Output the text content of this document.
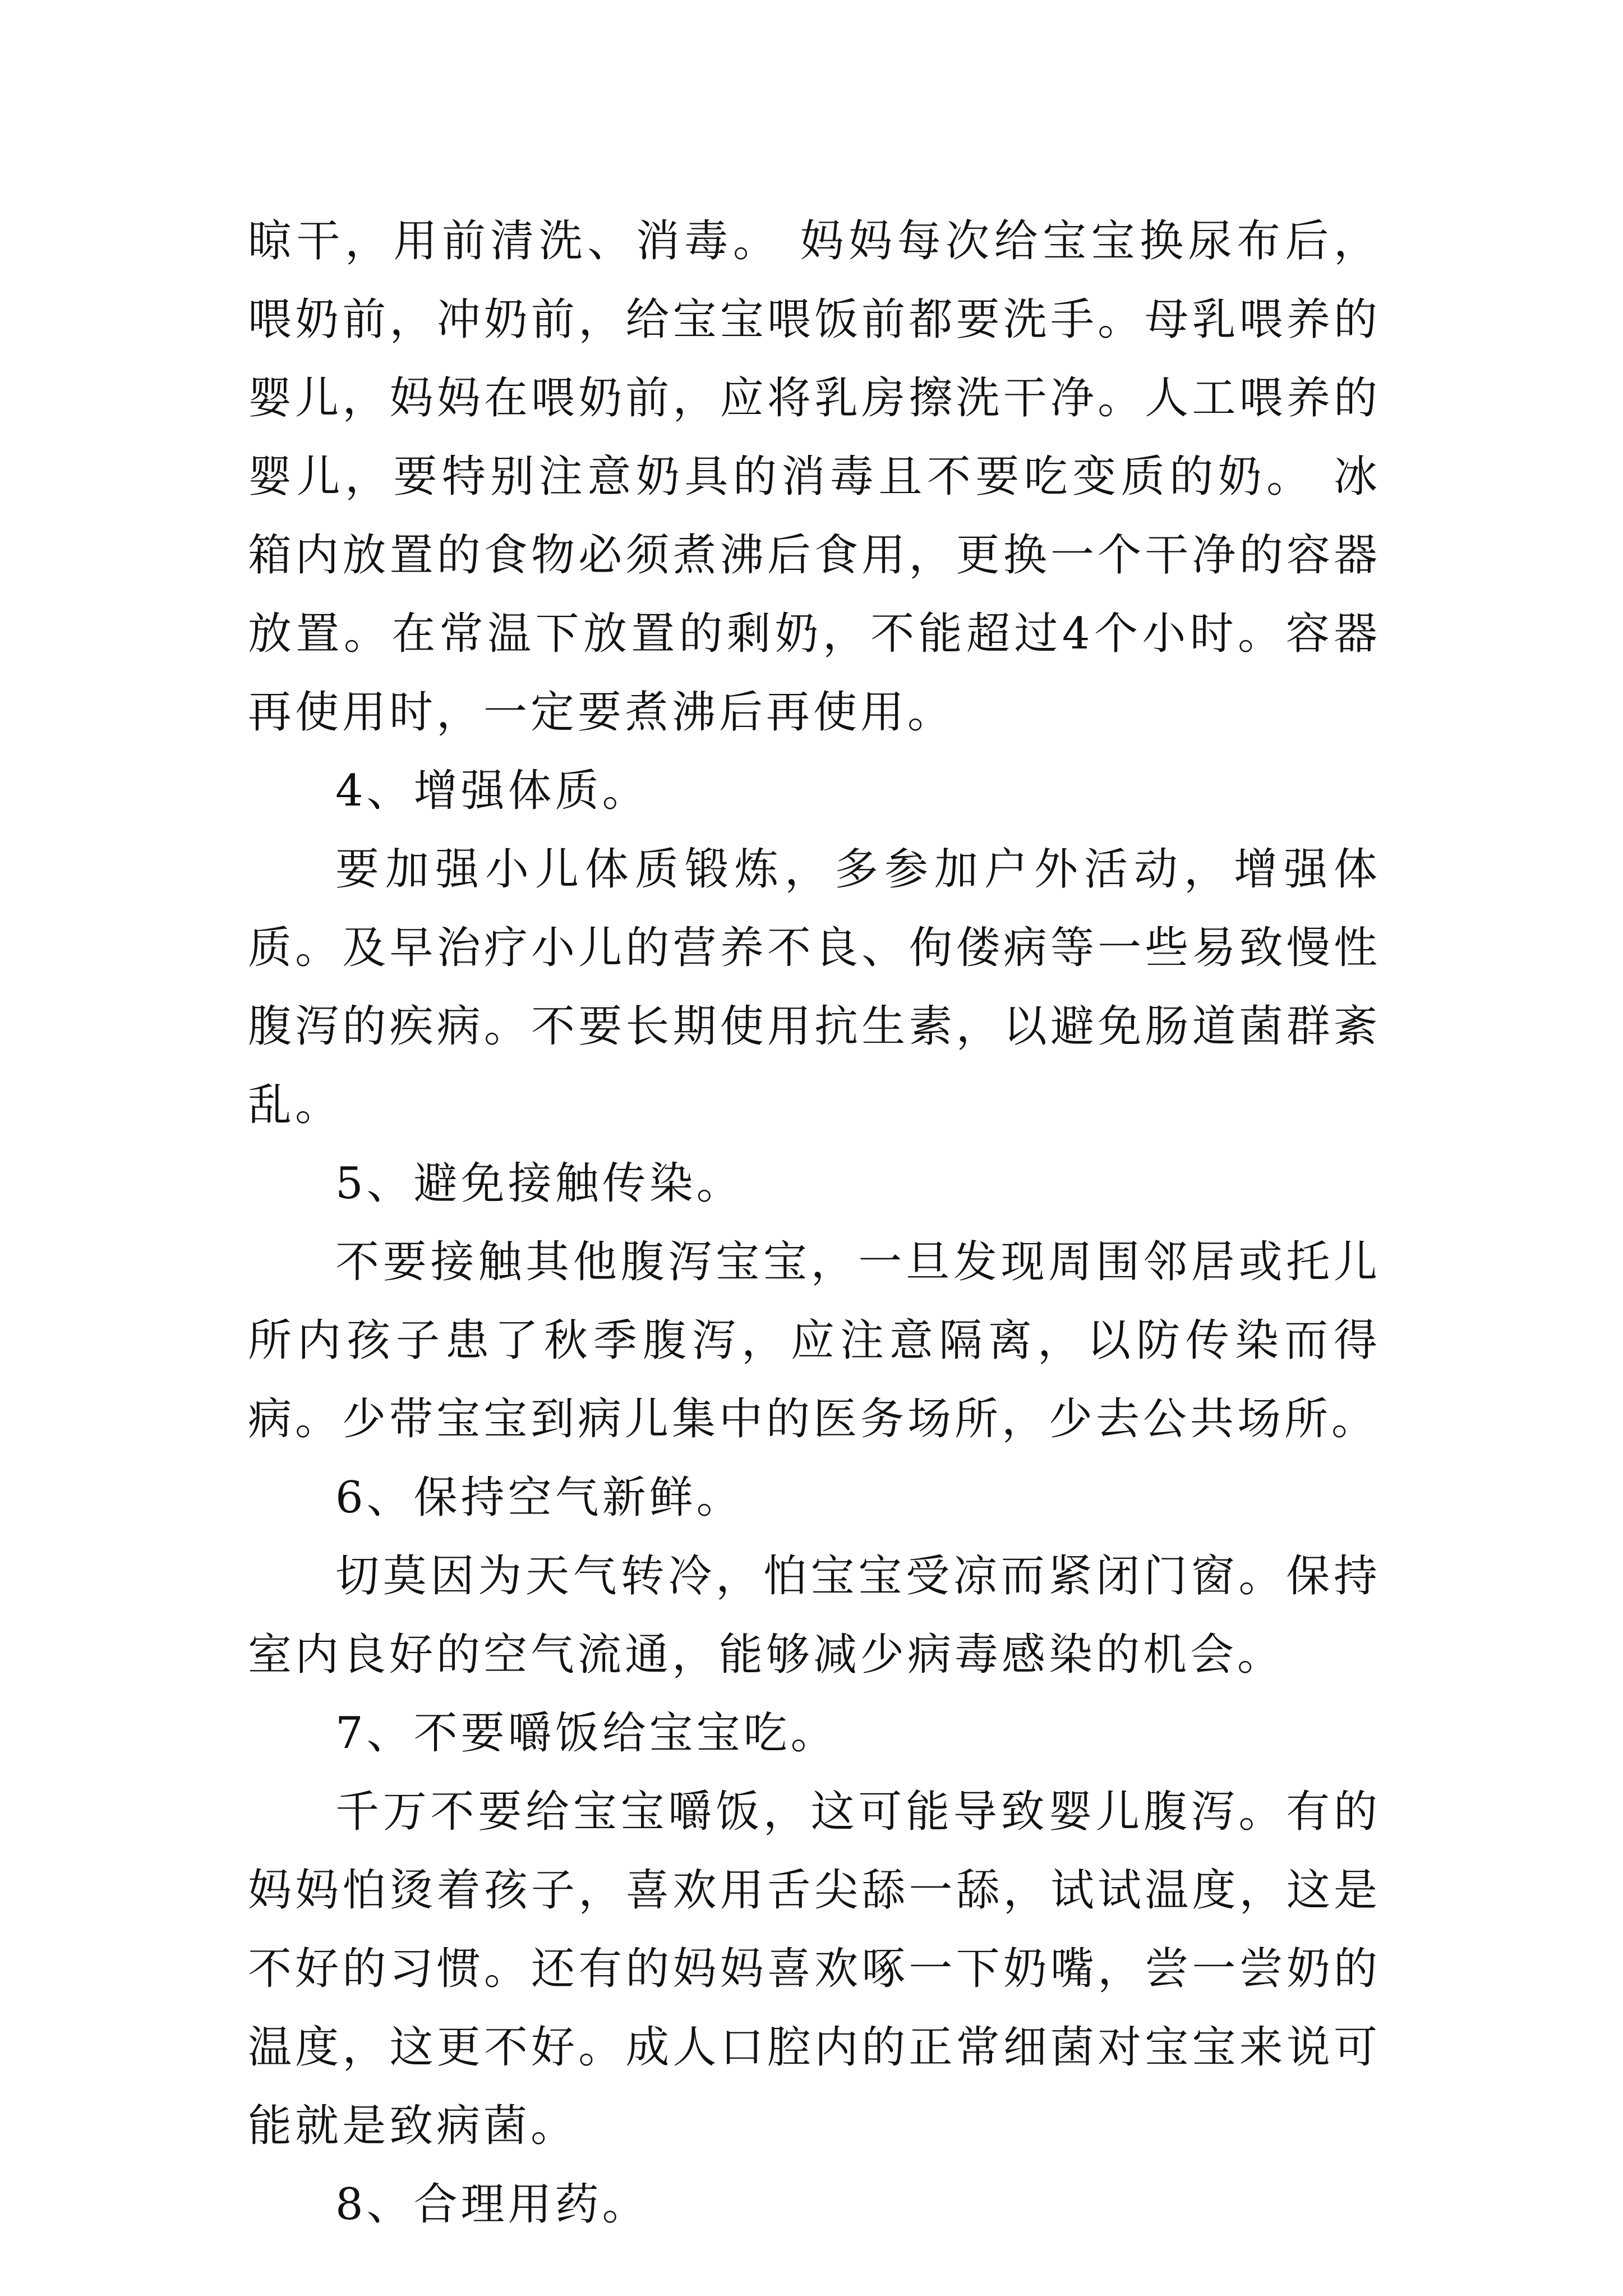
晾干，用前清洗、消毒。 妈妈每次给宝宝换尿布后，喂奶前，冲奶前，给宝宝喂饭前都要洗手。母乳喂养的婴儿，妈妈在喂奶前，应将乳房擦洗干净。人工喂养的婴儿，要特别注意奶具的消毒且不要吃变质的奶。 冰箱内放置的食物必须煮沸后食用，更换一个干净的容器放置。在常温下放置的剩奶，不能超过4个小时。容器再使用时，一定要煮沸后再使用。

4、增强体质。

要加强小儿体质锻炼，多参加户外活动，增强体质。及早治疗小儿的营养不良、佝偻病等一些易致慢性腹泻的疾病。不要长期使用抗生素，以避免肠道菌群紊乱。

5、避免接触传染。

不要接触其他腹泻宝宝，一旦发现周围邻居或托儿所内孩子患了秋季腹泻，应注意隔离，以防传染而得病。少带宝宝到病儿集中的医务场所，少去公共场所。

6、保持空气新鲜。

切莫因为天气转冷，怕宝宝受凉而紧闭门窗。保持室内良好的空气流通，能够减少病毒感染的机会。

7、不要嚼饭给宝宝吃。

千万不要给宝宝嚼饭，这可能导致婴儿腹泻。有的妈妈怕烫着孩子，喜欢用舌尖舔一舔，试试温度，这是不好的习惯。还有的妈妈喜欢啄一下奶嘴，尝一尝奶的温度，这更不好。成人口腔内的正常细菌对宝宝来说可能就是致病菌。

8、合理用药。
